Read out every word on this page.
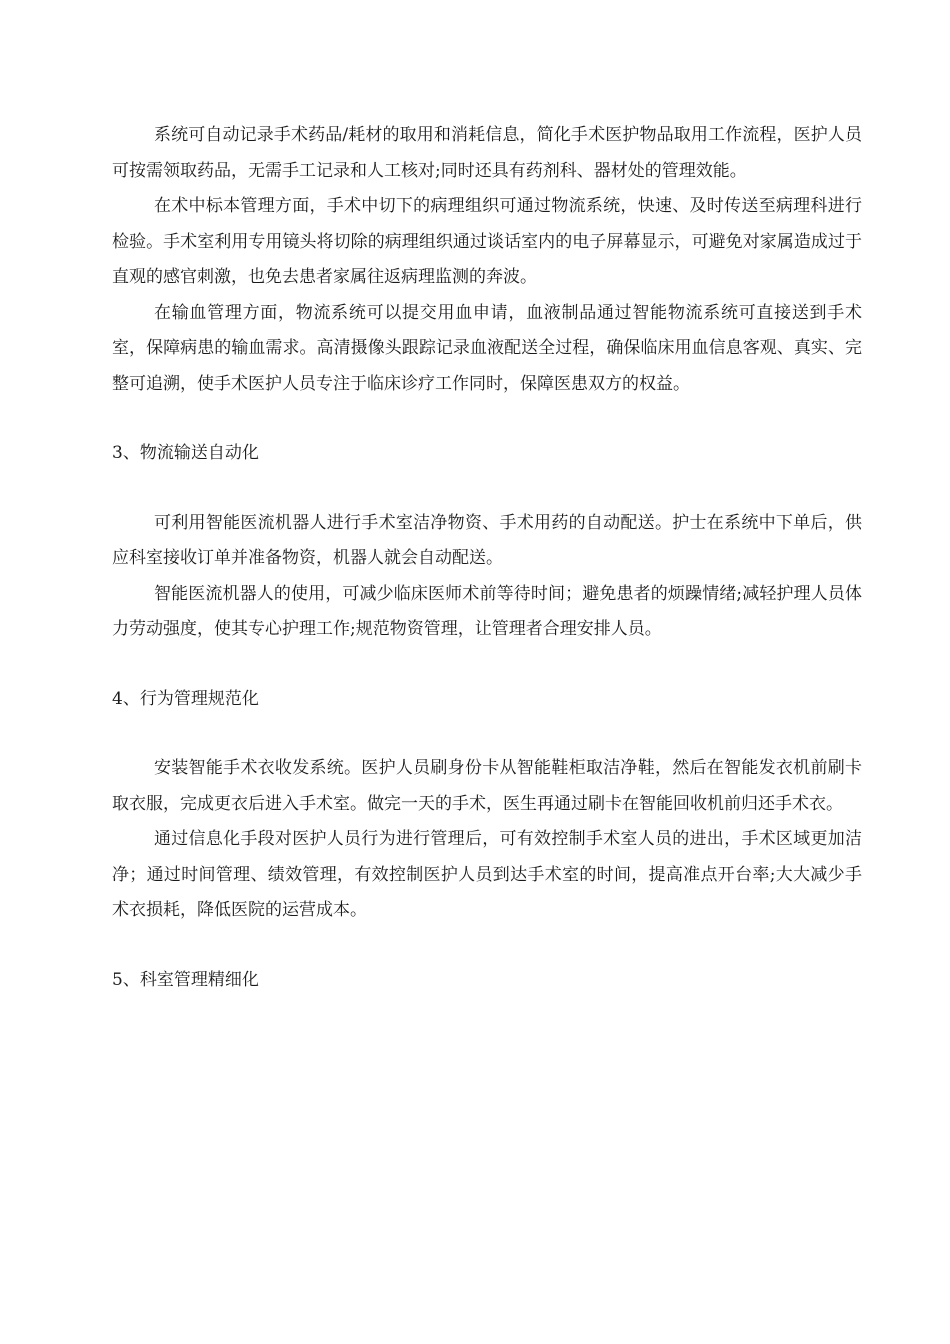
系统可自动记录手术药品/耗材的取用和消耗信息，简化手术医护物品取用工作流程，医护人员可按需领取药品，无需手工记录和人工核对;同时还具有药剂科、器材处的管理效能。

在术中标本管理方面，手术中切下的病理组织可通过物流系统，快速、及时传送至病理科进行检验。手术室利用专用镜头将切除的病理组织通过谈话室内的电子屏幕显示，可避免对家属造成过于直观的感官刺激，也免去患者家属往返病理监测的奔波。

在输血管理方面，物流系统可以提交用血申请，血液制品通过智能物流系统可直接送到手术室，保障病患的输血需求。高清摄像头跟踪记录血液配送全过程，确保临床用血信息客观、真实、完整可追溯，使手术医护人员专注于临床诊疗工作同时，保障医患双方的权益。

3、物流输送自动化

可利用智能医流机器人进行手术室洁净物资、手术用药的自动配送。护士在系统中下单后，供应科室接收订单并准备物资，机器人就会自动配送。

智能医流机器人的使用，可减少临床医师术前等待时间；避免患者的烦躁情绪;减轻护理人员体力劳动强度，使其专心护理工作;规范物资管理，让管理者合理安排人员。

4、行为管理规范化

安装智能手术衣收发系统。医护人员刷身份卡从智能鞋柜取洁净鞋，然后在智能发衣机前刷卡取衣服，完成更衣后进入手术室。做完一天的手术，医生再通过刷卡在智能回收机前归还手术衣。

通过信息化手段对医护人员行为进行管理后，可有效控制手术室人员的进出，手术区域更加洁净；通过时间管理、绩效管理，有效控制医护人员到达手术室的时间，提高准点开台率;大大减少手术衣损耗，降低医院的运营成本。

5、科室管理精细化
